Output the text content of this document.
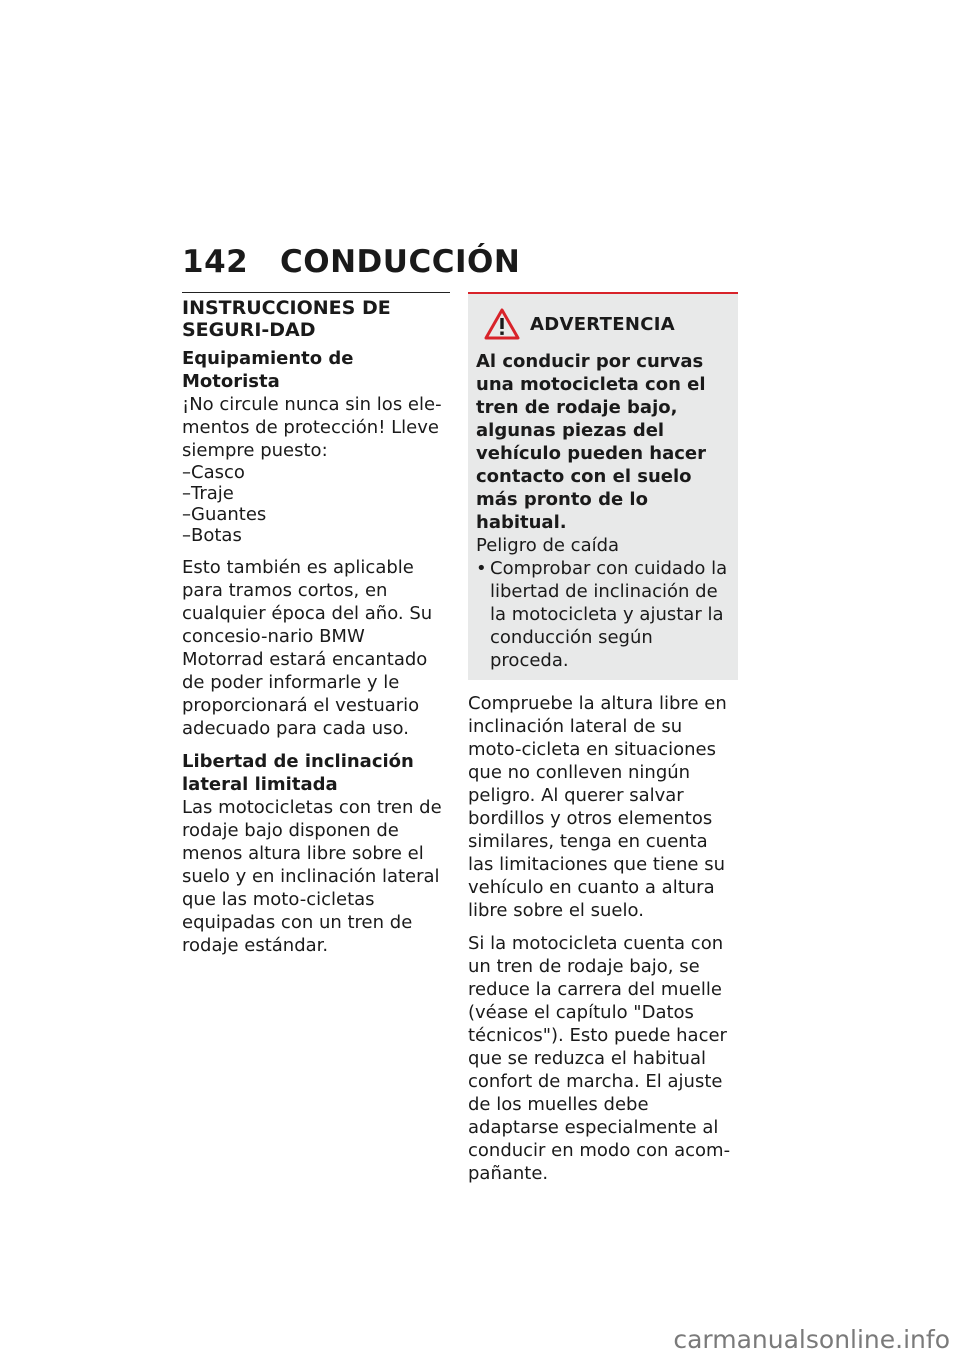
142 CONDUCCIÓN
INSTRUCCIONES DE SEGURI-DAD
Equipamiento de Motorista

¡No circule nunca sin los ele-mentos de protección! Lleve siempre puesto:

–Casco
–Traje
–Guantes
–Botas

Esto también es aplicable para tramos cortos, en cualquier época del año. Su concesio-nario BMW Motorrad estará encantado de poder informarle y le proporcionará el vestuario adecuado para cada uso.

Libertad de inclinación lateral limitada

Las motocicletas con tren de rodaje bajo disponen de menos altura libre sobre el suelo y en inclinación lateral que las moto-cicletas equipadas con un tren de rodaje estándar.

ADVERTENCIA

Al conducir por curvas una motocicleta con el tren de rodaje bajo, algunas piezas del vehículo pueden hacer contacto con el suelo más pronto de lo habitual.

Peligro de caída

• Comprobar con cuidado la libertad de inclinación de la motocicleta y ajustar la conducción según proceda.

Compruebe la altura libre en inclinación lateral de su moto-cicleta en situaciones que no conlleven ningún peligro. Al querer salvar bordillos y otros elementos similares, tenga en cuenta las limitaciones que tiene su vehículo en cuanto a altura libre sobre el suelo.

Si la motocicleta cuenta con un tren de rodaje bajo, se reduce la carrera del muelle (véase el capítulo "Datos técnicos"). Esto puede hacer que se reduzca el habitual confort de marcha. El ajuste de los muelles debe adaptarse especialmente al conducir en modo con acom-pañante.

carmanualsonline.info
